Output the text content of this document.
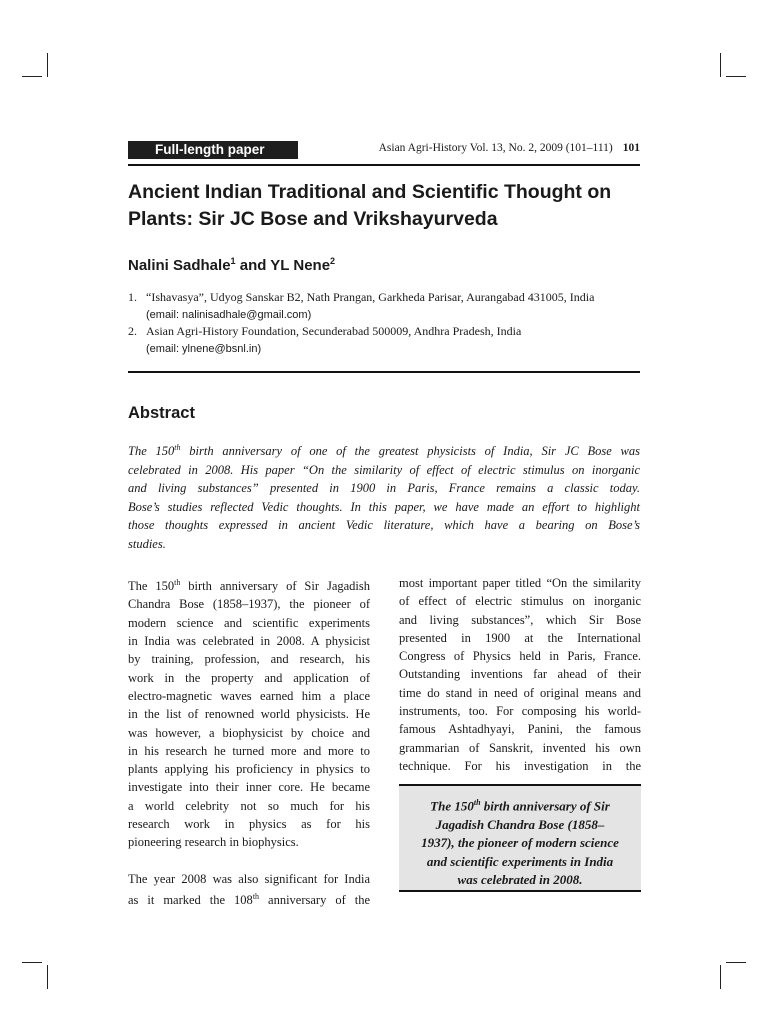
Full-length paper	Asian Agri-History Vol. 13, No. 2, 2009 (101–111) 101
Ancient Indian Traditional and Scientific Thought on
Plants: Sir JC Bose and Vrikshayurveda
Nalini Sadhale$^1$ and YL Nene$^2$
1. “Ishavasya”, Udyog Sanskar B2, Nath Prangan, Garkheda Parisar, Aurangabad 431005, India
(email: nalinisadhale@gmail.com)
2. Asian Agri-History Foundation, Secunderabad 500009, Andhra Pradesh, India
(email: ylnene@bsnl.in)
Abstract
The 150th birth anniversary of one of the greatest physicists of India, Sir JC Bose was
celebrated in 2008. His paper “On the similarity of effect of electric stimulus on inorganic
and living substances” presented in 1900 in Paris, France remains a classic today.
Bose’s studies reflected Vedic thoughts. In this paper, we have made an effort to highlight
those thoughts expressed in ancient Vedic literature, which have a bearing on Bose’s
studies.
The 150th birth anniversary of Sir Jagadish
Chandra Bose (1858–1937), the pioneer of
modern science and scientific experiments
in India was celebrated in 2008. A physicist
by training, profession, and research, his
work in the property and application of
electro-magnetic waves earned him a place
in the list of renowned world physicists. He
was however, a biophysicist by choice and
in his research he turned more and more to
plants applying his proficiency in physics to
investigate into their inner core. He became
a world celebrity not so much for his
research work in physics as for his
pioneering research in biophysics.
The year 2008 was also significant for India
as it marked the 108th anniversary of the
most important paper titled “On the similarity
of effect of electric stimulus on inorganic
and living substances”, which Sir Bose
presented in 1900 at the International
Congress of Physics held in Paris, France.
Outstanding inventions far ahead of their
time do stand in need of original means and
instruments, too. For composing his world-
famous Ashtadhyayi, Panini, the famous
grammarian of Sanskrit, invented his own
technique. For his investigation in the
The 150th birth anniversary of Sir
Jagadish Chandra Bose (1858–
1937), the pioneer of modern science
and scientific experiments in India
was celebrated in 2008.
